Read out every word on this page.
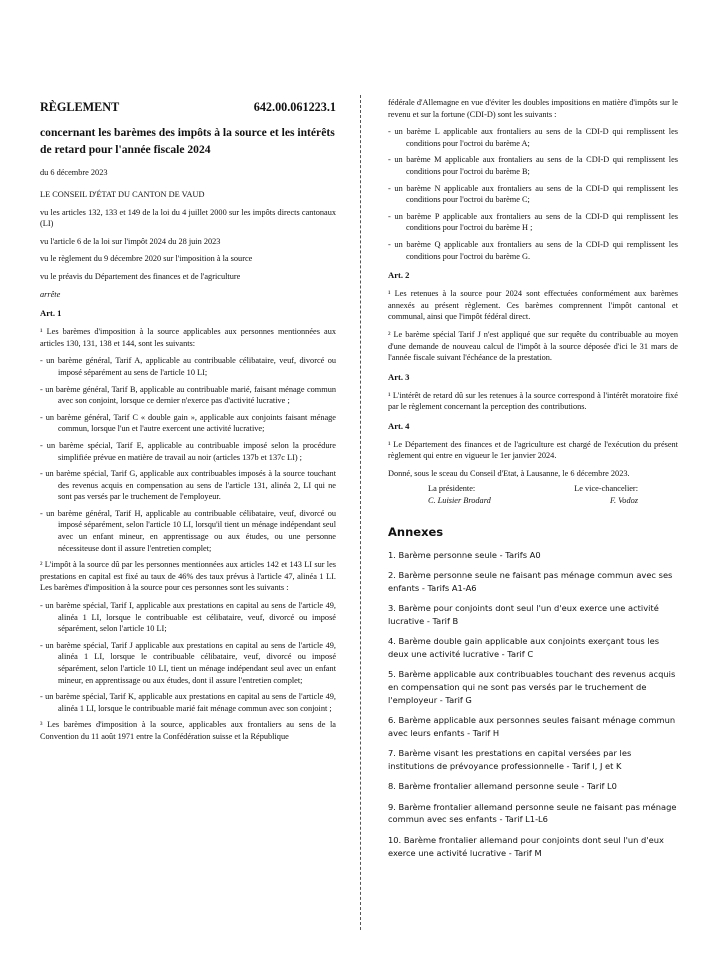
RÈGLEMENT	642.00.061223.1
concernant les barèmes des impôts à la source et les intérêts de retard pour l'année fiscale 2024
du 6 décembre 2023

LE CONSEIL D'ÉTAT DU CANTON DE VAUD

vu les articles 132, 133 et 149 de la loi du 4 juillet 2000 sur les impôts directs cantonaux (LI)

vu l'article 6 de la loi sur l'impôt 2024 du 28 juin 2023

vu le règlement du 9 décembre 2020 sur l'imposition à la source

vu le préavis du Département des finances et de l'agriculture

arrête

Art. 1

¹ Les barèmes d'imposition à la source applicables aux personnes mentionnées aux articles 130, 131, 138 et 144, sont les suivants:

- un barème général, Tarif A, applicable au contribuable célibataire, veuf, divorcé ou imposé séparément au sens de l'article 10 LI;

- un barème général, Tarif B, applicable au contribuable marié, faisant ménage commun avec son conjoint, lorsque ce dernier n'exerce pas d'activité lucrative ;

- un barème général, Tarif C « double gain », applicable aux conjoints faisant ménage commun, lorsque l'un et l'autre exercent une activité lucrative;

- un barème spécial, Tarif E, applicable au contribuable imposé selon la procédure simplifiée prévue en matière de travail au noir (articles 137b et 137c LI) ;

- un barème spécial, Tarif G, applicable aux contribuables imposés à la source touchant des revenus acquis en compensation au sens de l'article 131, alinéa 2, LI qui ne sont pas versés par le truchement de l'employeur.

- un barème général, Tarif H, applicable au contribuable célibataire, veuf, divorcé ou imposé séparément, selon l'article 10 LI, lorsqu'il tient un ménage indépendant seul avec un enfant mineur, en apprentissage ou aux études, ou une personne nécessiteuse dont il assure l'entretien complet;

² L'impôt à la source dû par les personnes mentionnées aux articles 142 et 143 LI sur les prestations en capital est fixé au taux de 46% des taux prévus à l'article 47, alinéa 1 LI. Les barèmes d'imposition à la source pour ces personnes sont les suivants :

- un barème spécial, Tarif I, applicable aux prestations en capital au sens de l'article 49, alinéa 1 LI, lorsque le contribuable est célibataire, veuf, divorcé ou imposé séparément, selon l'article 10 LI;

- un barème spécial, Tarif J applicable aux prestations en capital au sens de l'article 49, alinéa 1 LI, lorsque le contribuable célibataire, veuf, divorcé ou imposé séparément, selon l'article 10 LI, tient un ménage indépendant seul avec un enfant mineur, en apprentissage ou aux études, dont il assure l'entretien complet;

- un barème spécial, Tarif K, applicable aux prestations en capital au sens de l'article 49, alinéa 1 LI, lorsque le contribuable marié fait ménage commun avec son conjoint ;

³ Les barèmes d'imposition à la source, applicables aux frontaliers au sens de la Convention du 11 août 1971 entre la Confédération suisse et la République

fédérale d'Allemagne en vue d'éviter les doubles impositions en matière d'impôts sur le revenu et sur la fortune (CDI-D) sont les suivants :

- un barème L applicable aux frontaliers au sens de la CDI-D qui remplissent les conditions pour l'octroi du barème A;

- un barème M applicable aux frontaliers au sens de la CDI-D qui remplissent les conditions pour l'octroi du barème B;

- un barème N applicable aux frontaliers au sens de la CDI-D qui remplissent les conditions pour l'octroi du barème C;

- un barème P applicable aux frontaliers au sens de la CDI-D qui remplissent les conditions pour l'octroi du barème H ;

- un barème Q applicable aux frontaliers au sens de la CDI-D qui remplissent les conditions pour l'octroi du barème G.

Art. 2

¹ Les retenues à la source pour 2024 sont effectuées conformément aux barèmes annexés au présent règlement. Ces barèmes comprennent l'impôt cantonal et communal, ainsi que l'impôt fédéral direct.

² Le barème spécial Tarif J n'est appliqué que sur requête du contribuable au moyen d'une demande de nouveau calcul de l'impôt à la source déposée d'ici le 31 mars de l'année fiscale suivant l'échéance de la prestation.

Art. 3

¹ L'intérêt de retard dû sur les retenues à la source correspond à l'intérêt moratoire fixé par le règlement concernant la perception des contributions.

Art. 4

¹ Le Département des finances et de l'agriculture est chargé de l'exécution du présent règlement qui entre en vigueur le 1er janvier 2024.

Donné, sous le sceau du Conseil d'Etat, à Lausanne, le 6 décembre 2023.

La présidente:	Le vice-chancelier:
C. Luisier Brodard	F. Vodoz
Annexes

1. Barème personne seule - Tarifs A0

2. Barème personne seule ne faisant pas ménage commun avec ses enfants - Tarifs A1-A6

3. Barème pour conjoints dont seul l'un d'eux exerce une activité lucrative - Tarif B

4. Barème double gain applicable aux conjoints exerçant tous les deux une activité lucrative - Tarif C

5. Barème applicable aux contribuables touchant des revenus acquis en compensation qui ne sont pas versés par le truchement de l'employeur - Tarif G

6. Barème applicable aux personnes seules faisant ménage commun avec leurs enfants - Tarif H

7. Barème visant les prestations en capital versées par les institutions de prévoyance professionnelle - Tarif I, J et K

8. Barème frontalier allemand personne seule - Tarif L0

9. Barème frontalier allemand personne seule ne faisant pas ménage commun avec ses enfants - Tarif L1-L6

10. Barème frontalier allemand pour conjoints dont seul l'un d'eux exerce une activité lucrative - Tarif M
